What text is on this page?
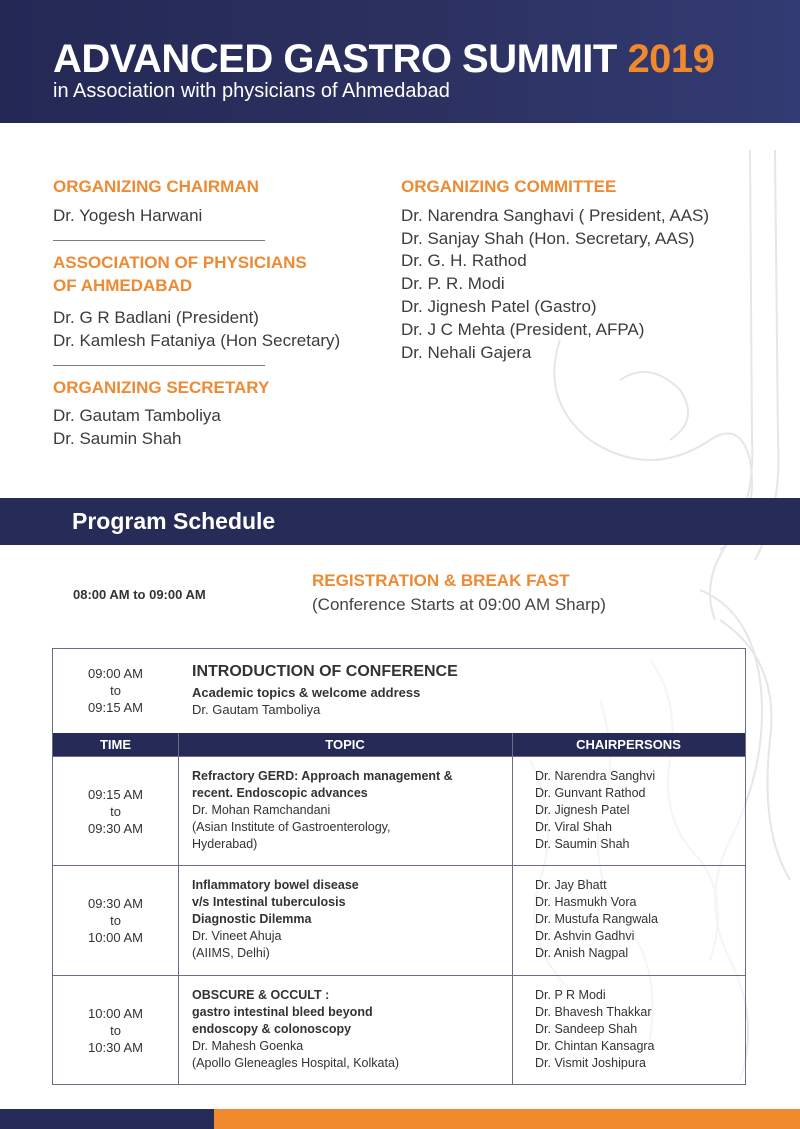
ADVANCED GASTRO SUMMIT 2019
in Association with physicians of Ahmedabad
ORGANIZING CHAIRMAN
Dr. Yogesh Harwani
ASSOCIATION OF PHYSICIANS
OF AHMEDABAD
Dr. G R Badlani (President)
Dr. Kamlesh Fataniya (Hon Secretary)
ORGANIZING SECRETARY
Dr. Gautam Tamboliya
Dr. Saumin Shah
ORGANIZING COMMITTEE
Dr. Narendra Sanghavi ( President, AAS)
Dr. Sanjay Shah (Hon. Secretary, AAS)
Dr. G. H. Rathod
Dr. P. R. Modi
Dr. Jignesh Patel (Gastro)
Dr. J C Mehta (President, AFPA)
Dr. Nehali Gajera
Program Schedule
08:00 AM to 09:00 AM
REGISTRATION & BREAK FAST
(Conference Starts at 09:00 AM Sharp)
09:00 AM
to
09:15 AM
INTRODUCTION OF CONFERENCE
Academic topics & welcome address
Dr. Gautam Tamboliya
TIME	TOPIC	CHAIRPERSONS
09:15 AM
to
09:30 AM
Refractory GERD: Approach management &
recent. Endoscopic advances
Dr. Mohan Ramchandani
(Asian Institute of Gastroenterology,
Hyderabad)
Dr. Narendra Sanghvi
Dr. Gunvant Rathod
Dr. Jignesh Patel
Dr. Viral Shah
Dr. Saumin Shah
09:30 AM
to
10:00 AM
Inflammatory bowel disease
v/s Intestinal tuberculosis
Diagnostic Dilemma
Dr. Vineet Ahuja
(AIIMS, Delhi)
Dr. Jay Bhatt
Dr. Hasmukh Vora
Dr. Mustufa Rangwala
Dr. Ashvin Gadhvi
Dr. Anish Nagpal
10:00 AM
to
10:30 AM
OBSCURE & OCCULT :
gastro intestinal bleed beyond
endoscopy & colonoscopy
Dr. Mahesh Goenka
(Apollo Gleneagles Hospital, Kolkata)
Dr. P R Modi
Dr. Bhavesh Thakkar
Dr. Sandeep Shah
Dr. Chintan Kansagra
Dr. Vismit Joshipura
